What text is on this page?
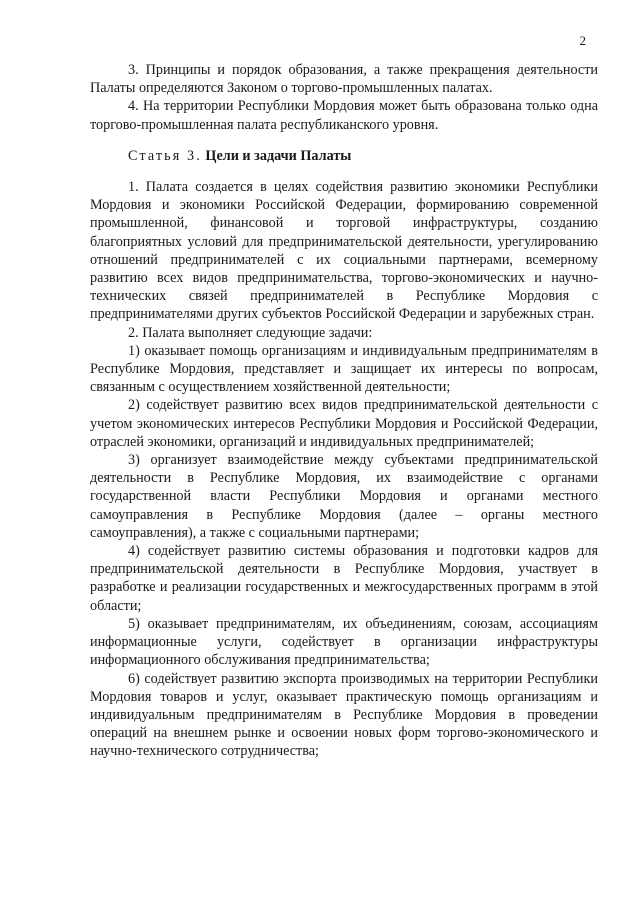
2

3. Принципы и порядок образования, а также прекращения деятельности Палаты определяются Законом о торгово-промышленных палатах.

4. На территории Республики Мордовия может быть образована только одна торгово-промышленная палата республиканского уровня.

Статья 3. Цели и задачи Палаты

1. Палата создается в целях содействия развитию экономики Республики Мордовия и экономики Российской Федерации, формированию современной промышленной, финансовой и торговой инфраструктуры, созданию благоприятных условий для предпринимательской деятельности, урегулированию отношений предпринимателей с их социальными партнерами, всемерному развитию всех видов предпринимательства, торгово-экономических и научно-технических связей предпринимателей в Республике Мордовия с предпринимателями других субъектов Российской Федерации и зарубежных стран.

2. Палата выполняет следующие задачи:

1) оказывает помощь организациям и индивидуальным предпринимателям в Республике Мордовия, представляет и защищает их интересы по вопросам, связанным с осуществлением хозяйственной деятельности;

2) содействует развитию всех видов предпринимательской деятельности с учетом экономических интересов Республики Мордовия и Российской Федерации, отраслей экономики, организаций и индивидуальных предпринимателей;

3) организует взаимодействие между субъектами предпринимательской деятельности в Республике Мордовия, их взаимодействие с органами государственной власти Республики Мордовия и органами местного самоуправления в Республике Мордовия (далее – органы местного самоуправления), а также с социальными партнерами;

4) содействует развитию системы образования и подготовки кадров для предпринимательской деятельности в Республике Мордовия, участвует в разработке и реализации государственных и межгосударственных программ в этой области;

5) оказывает предпринимателям, их объединениям, союзам, ассоциациям информационные услуги, содействует в организации инфраструктуры информационного обслуживания предпринимательства;

6) содействует развитию экспорта производимых на территории Республики Мордовия товаров и услуг, оказывает практическую помощь организациям и индивидуальным предпринимателям в Республике Мордовия в проведении операций на внешнем рынке и освоении новых форм торгово-экономического и научно-технического сотрудничества;
